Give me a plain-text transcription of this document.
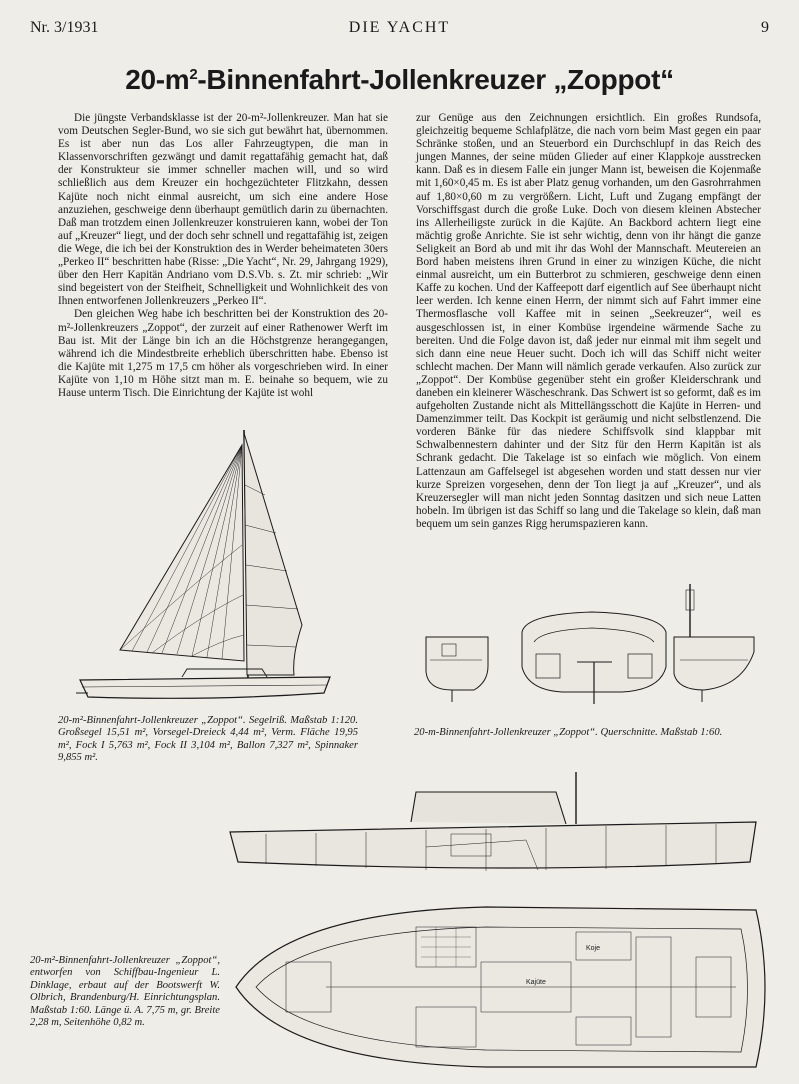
Nr. 3/1931	DIE YACHT	9
$20-m^2-Binnenfahrt$-Jollenkreuzer „Zoppot“

Die jüngste Verbandsklasse ist der 20-m²-Jollenkreuzer. Man hat sie vom Deutschen Segler-Bund, wo sie sich gut bewährt hat, übernommen. Es ist aber nun das Los aller Fahrzeugtypen, die man in Klassenvorschriften gezwängt und damit regattafähig gemacht hat, daß der Konstrukteur sie immer schneller machen will, und so wird schließlich aus dem Kreuzer ein hochgezüchteter Flitzkahn, dessen Kajüte noch nicht einmal ausreicht, um sich eine andere Hose anzuziehen, geschweige denn überhaupt gemütlich darin zu übernachten. Daß man trotzdem einen Jollenkreuzer konstruieren kann, wobei der Ton auf „Kreuzer“ liegt, und der doch sehr schnell und regattafähig ist, zeigen die Wege, die ich bei der Konstruktion des in Werder beheimateten 30ers „Perkeo II“ beschritten habe (Risse: „Die Yacht“, Nr. 29, Jahrgang 1929), über den Herr Kapitän Andriano vom D.S.Vb. s. Zt. mir schrieb: „Wir sind begeistert von der Steifheit, Schnelligkeit und Wohnlichkeit des von Ihnen entworfenen Jollenkreuzers „Perkeo II“.

Den gleichen Weg habe ich beschritten bei der Konstruktion des 20-m²-Jollenkreuzers „Zoppot“, der zurzeit auf einer Rathenower Werft im Bau ist. Mit der Länge bin ich an die Höchstgrenze herangegangen, während ich die Mindestbreite erheblich überschritten habe. Ebenso ist die Kajüte mit 1,275 m 17,5 cm höher als vorgeschrieben wird. In einer Kajüte von 1,10 m Höhe sitzt man m. E. beinahe so bequem, wie zu Hause unterm Tisch. Die Einrichtung der Kajüte ist wohl

zur Genüge aus den Zeichnungen ersichtlich. Ein großes Rundsofa, gleichzeitig bequeme Schlafplätze, die nach vorn beim Mast gegen ein paar Schränke stoßen, und an Steuerbord ein Durchschlupf in das Reich des jungen Mannes, der seine müden Glieder auf einer Klappkoje ausstrecken kann. Daß es in diesem Falle ein junger Mann ist, beweisen die Kojenmaße mit 1,60×0,45 m. Es ist aber Platz genug vorhanden, um den Gasrohrrahmen auf 1,80×0,60 m zu vergrößern. Licht, Luft und Zugang empfängt der Vorschiffsgast durch die große Luke. Doch von diesem kleinen Abstecher ins Allerheiligste zurück in die Kajüte. An Backbord achtern liegt eine mächtig große Anrichte. Sie ist sehr wichtig, denn von ihr hängt die ganze Seligkeit an Bord ab und mit ihr das Wohl der Mannschaft. Meutereien an Bord haben meistens ihren Grund in einer zu winzigen Küche, die nicht einmal ausreicht, um ein Butterbrot zu schmieren, geschweige denn einen Kaffe zu kochen. Und der Kaffeepott darf eigentlich auf See überhaupt nicht leer werden. Ich kenne einen Herrn, der nimmt sich auf Fahrt immer eine Thermosflasche voll Kaffee mit in seinen „Seekreuzer“, weil es ausgeschlossen ist, in einer Kombüse irgendeine wärmende Sache zu bereiten. Und die Folge davon ist, daß jeder nur einmal mit ihm segelt und sich dann eine neue Heuer sucht. Doch ich will das Schiff nicht weiter schlecht machen. Der Mann will nämlich gerade verkaufen. Also zurück zur „Zoppot“. Der Kombüse gegenüber steht ein großer Kleiderschrank und daneben ein kleinerer Wäscheschrank. Das Schwert ist so geformt, daß es im aufgeholten Zustande nicht als Mittellängsschott die Kajüte in Herren- und Damenzimmer teilt. Das Kockpit ist geräumig und nicht selbstlenzend. Die vorderen Bänke für das niedere Schiffsvolk sind klappbar mit Schwalbennestern dahinter und der Sitz für den Herrn Kapitän ist als Schrank gedacht. Die Takelage ist so einfach wie möglich. Von einem Lattenzaun am Gaffelsegel ist abgesehen worden und statt dessen nur vier kurze Spreizen vorgesehen, denn der Ton liegt ja auf „Kreuzer“, und als Kreuzersegler will man nicht jeden Sonntag dasitzen und sich neue Latten hobeln. Im übrigen ist das Schiff so lang und die Takelage so klein, daß man bequem um sein ganzes Rigg herumspazieren kann.

20-m²-Binnenfahrt-Jollenkreuzer „Zoppot“. Segelriß. Maßstab 1:120. Großsegel 15,51 m², Vorsegel-Dreieck 4,44 m², Verm. Fläche 19,95 m², Fock I 5,763 m², Fock II 3,104 m², Ballon 7,327 m², Spinnaker 9,855 m².
20-m-Binnenfahrt-Jollenkreuzer „Zoppot“. Querschnitte. Maßstab 1:60.
Kajüte
Koje
20-m²-Binnenfahrt-Jollenkreuzer „Zoppot“, entworfen von Schiffbau-Ingenieur L. Dinklage, erbaut auf der Bootswerft W. Olbrich, Brandenburg/H. Einrichtungsplan. Maßstab 1:60. Länge ü. A. 7,75 m, gr. Breite 2,28 m, Seitenhöhe 0,82 m.
